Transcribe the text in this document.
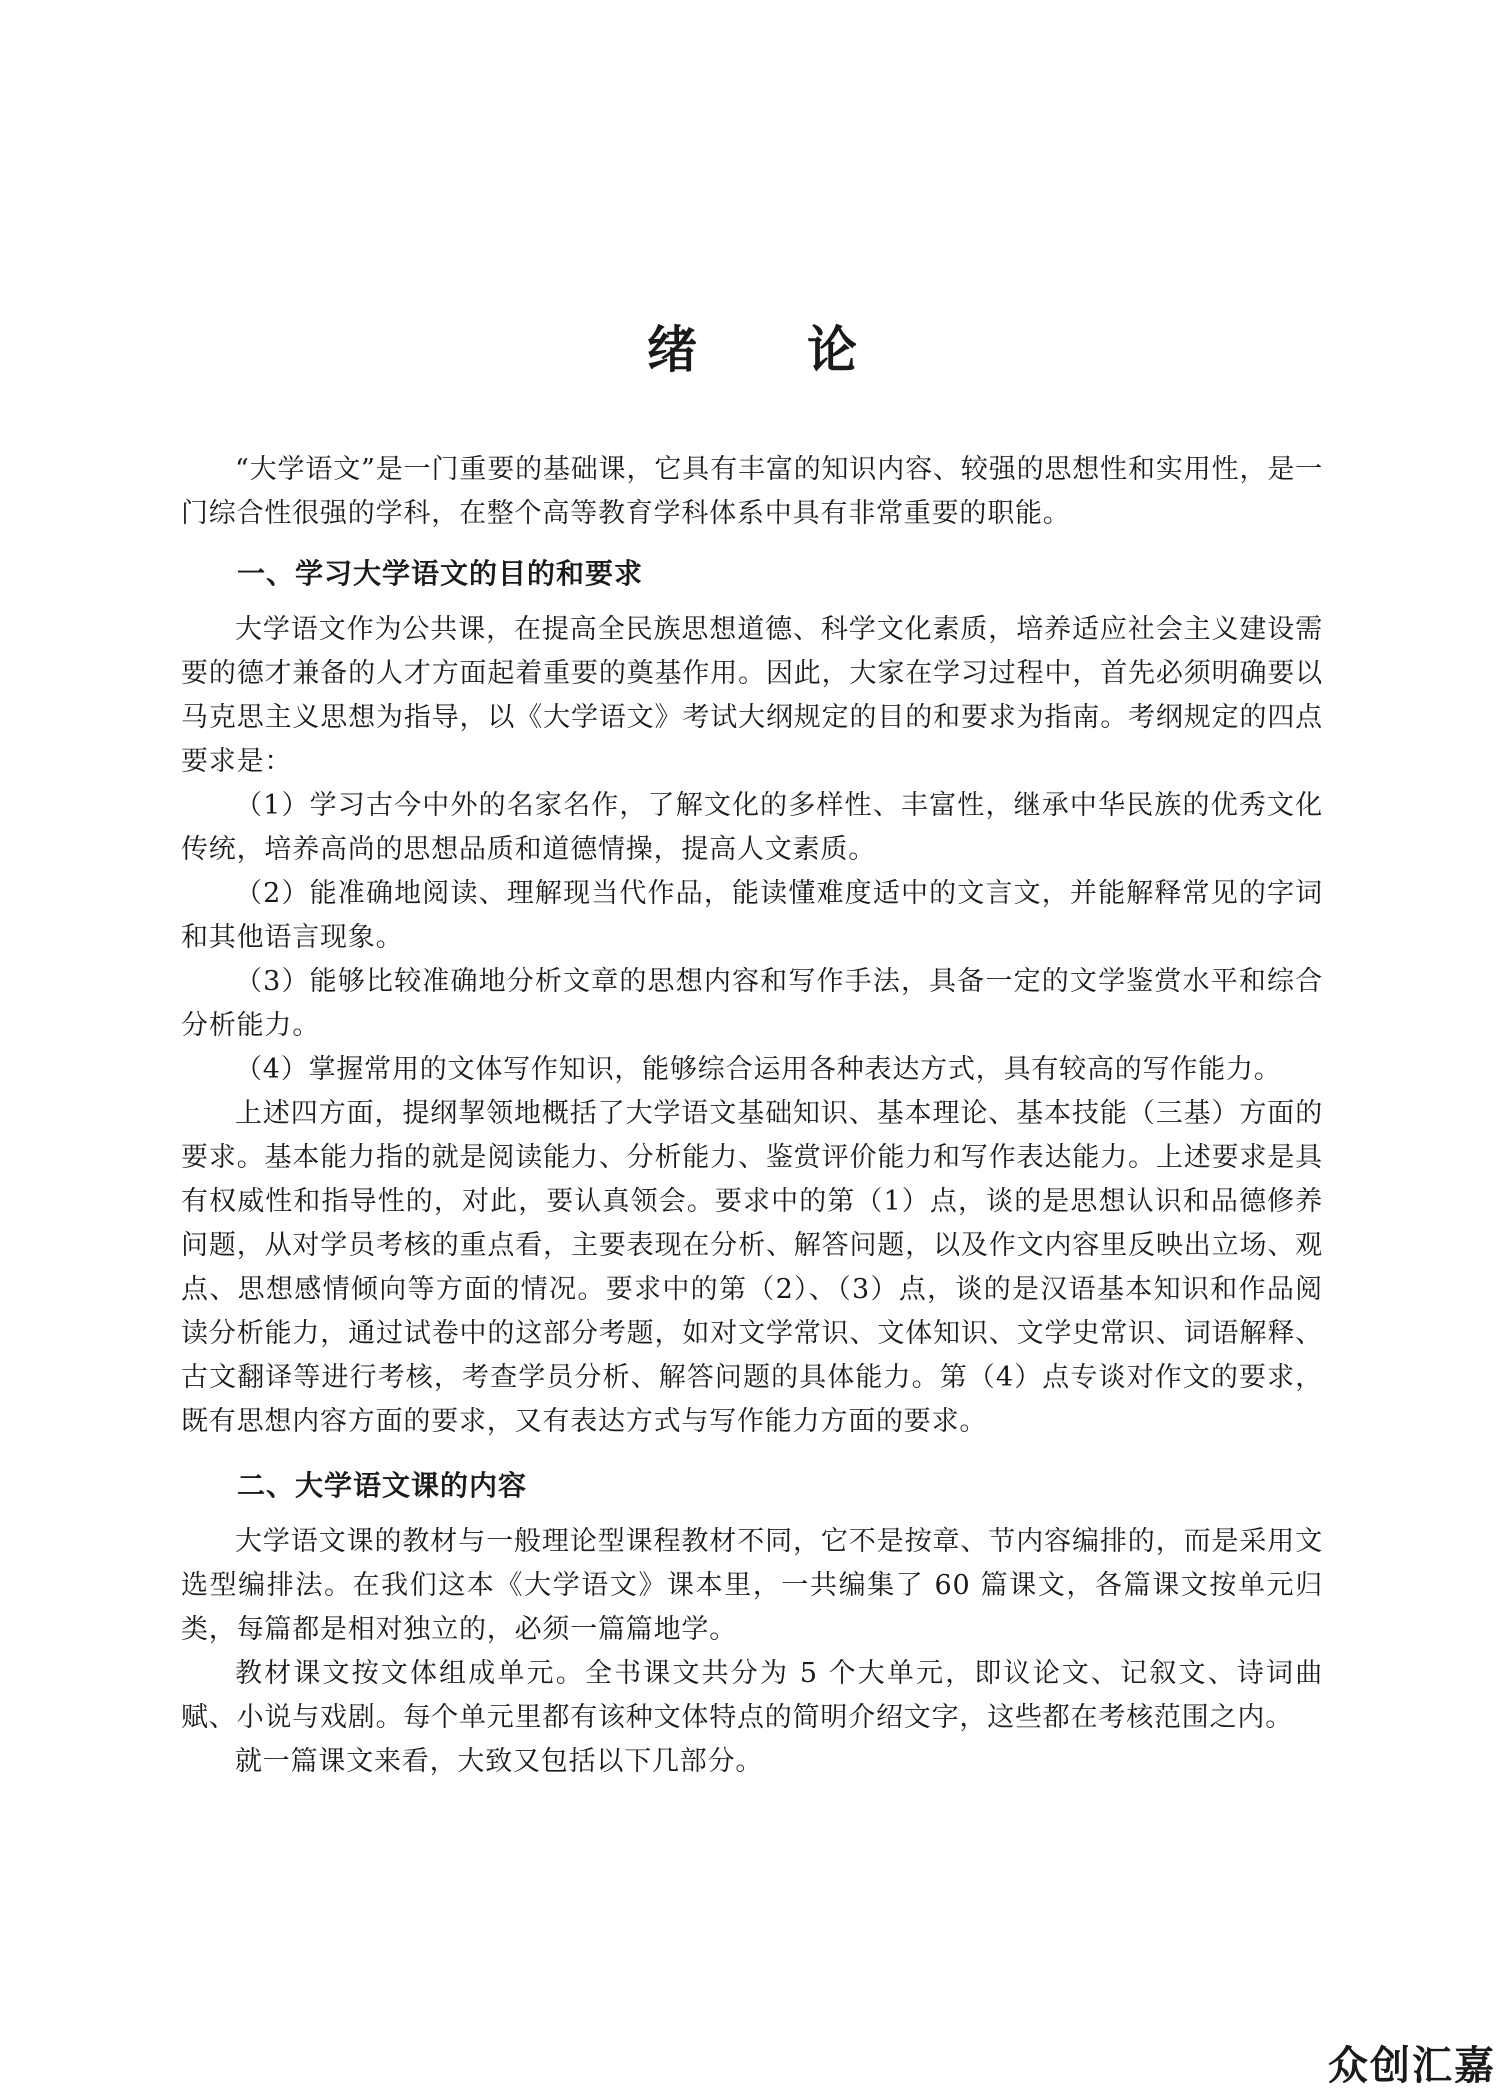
绪 论

“大学语文”是一门重要的基础课，它具有丰富的知识内容、较强的思想性和实用性，是一门综合性很强的学科，在整个高等教育学科体系中具有非常重要的职能。

一、学习大学语文的目的和要求

大学语文作为公共课，在提高全民族思想道德、科学文化素质，培养适应社会主义建设需要的德才兼备的人才方面起着重要的奠基作用。因此，大家在学习过程中，首先必须明确要以马克思主义思想为指导，以《大学语文》考试大纲规定的目的和要求为指南。考纲规定的四点要求是：

（1）学习古今中外的名家名作，了解文化的多样性、丰富性，继承中华民族的优秀文化传统，培养高尚的思想品质和道德情操，提高人文素质。

（2）能准确地阅读、理解现当代作品，能读懂难度适中的文言文，并能解释常见的字词和其他语言现象。

（3）能够比较准确地分析文章的思想内容和写作手法，具备一定的文学鉴赏水平和综合分析能力。

（4）掌握常用的文体写作知识，能够综合运用各种表达方式，具有较高的写作能力。

上述四方面，提纲挈领地概括了大学语文基础知识、基本理论、基本技能（三基）方面的要求。基本能力指的就是阅读能力、分析能力、鉴赏评价能力和写作表达能力。上述要求是具有权威性和指导性的，对此，要认真领会。要求中的第（1）点，谈的是思想认识和品德修养问题，从对学员考核的重点看，主要表现在分析、解答问题，以及作文内容里反映出立场、观点、思想感情倾向等方面的情况。要求中的第（2）、（3）点，谈的是汉语基本知识和作品阅读分析能力，通过试卷中的这部分考题，如对文学常识、文体知识、文学史常识、词语解释、古文翻译等进行考核，考查学员分析、解答问题的具体能力。第（4）点专谈对作文的要求，既有思想内容方面的要求，又有表达方式与写作能力方面的要求。

二、大学语文课的内容

大学语文课的教材与一般理论型课程教材不同，它不是按章、节内容编排的，而是采用文选型编排法。在我们这本《大学语文》课本里，一共编集了 60 篇课文，各篇课文按单元归类，每篇都是相对独立的，必须一篇篇地学。

教材课文按文体组成单元。全书课文共分为 5 个大单元，即议论文、记叙文、诗词曲赋、小说与戏剧。每个单元里都有该种文体特点的简明介绍文字，这些都在考核范围之内。

就一篇课文来看，大致又包括以下几部分。

众创汇嘉
